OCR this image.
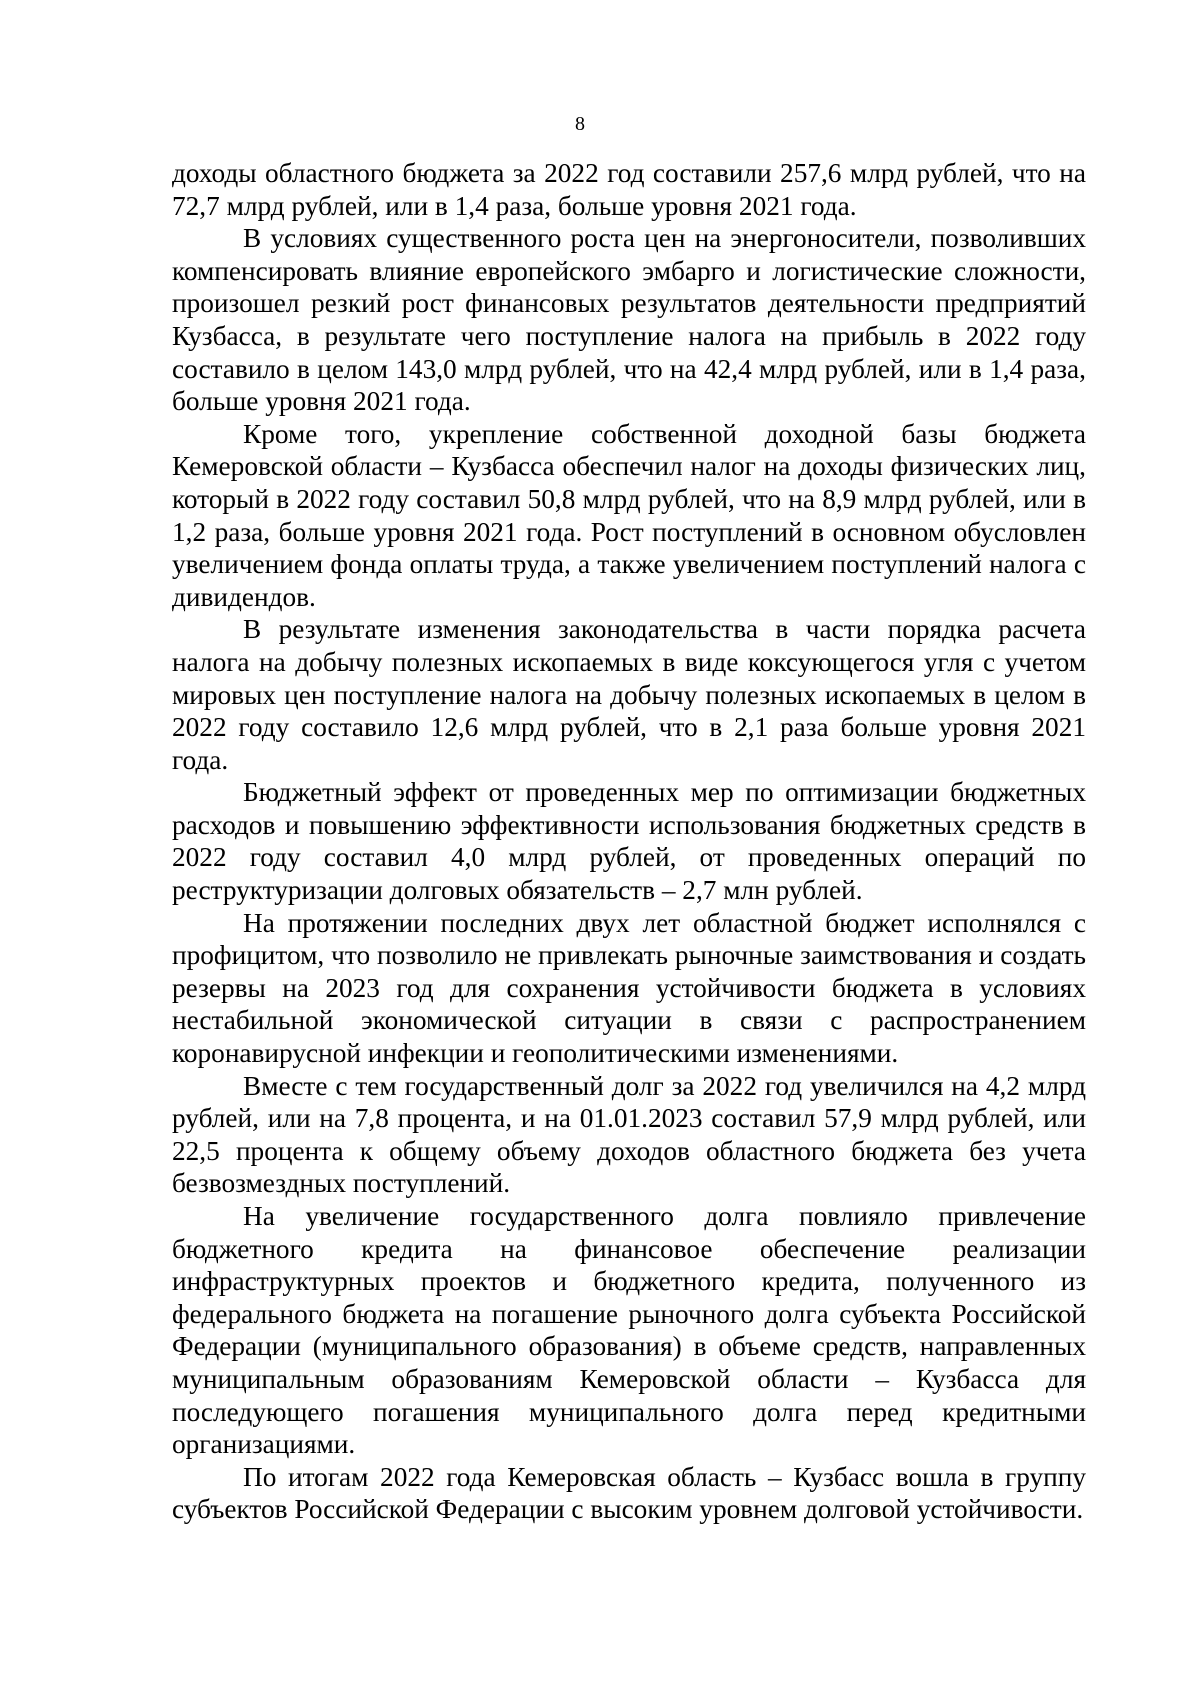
8

доходы областного бюджета за 2022 год составили 257,6 млрд рублей, что на 72,7 млрд рублей, или в 1,4 раза, больше уровня 2021 года.

В условиях существенного роста цен на энергоносители, позволивших компенсировать влияние европейского эмбарго и логистические сложности, произошел резкий рост финансовых результатов деятельности предприятий Кузбасса, в результате чего поступление налога на прибыль в 2022 году составило в целом 143,0 млрд рублей, что на 42,4 млрд рублей, или в 1,4 раза, больше уровня 2021 года.

Кроме того, укрепление собственной доходной базы бюджета Кемеровской области – Кузбасса обеспечил налог на доходы физических лиц, который в 2022 году составил 50,8 млрд рублей, что на 8,9 млрд рублей, или в 1,2 раза, больше уровня 2021 года. Рост поступлений в основном обусловлен увеличением фонда оплаты труда, а также увеличением поступлений налога с дивидендов.

В результате изменения законодательства в части порядка расчета налога на добычу полезных ископаемых в виде коксующегося угля с учетом мировых цен поступление налога на добычу полезных ископаемых в целом в 2022 году составило 12,6 млрд рублей, что в 2,1 раза больше уровня 2021 года.

Бюджетный эффект от проведенных мер по оптимизации бюджетных расходов и повышению эффективности использования бюджетных средств в 2022 году составил 4,0 млрд рублей, от проведенных операций по реструктуризации долговых обязательств – 2,7 млн рублей.

На протяжении последних двух лет областной бюджет исполнялся с профицитом, что позволило не привлекать рыночные заимствования и создать резервы на 2023 год для сохранения устойчивости бюджета в условиях нестабильной экономической ситуации в связи с распространением коронавирусной инфекции и геополитическими изменениями.

Вместе с тем государственный долг за 2022 год увеличился на 4,2 млрд рублей, или на 7,8 процента, и на 01.01.2023 составил 57,9 млрд рублей, или 22,5 процента к общему объему доходов областного бюджета без учета безвозмездных поступлений.

На увеличение государственного долга повлияло привлечение бюджетного кредита на финансовое обеспечение реализации инфраструктурных проектов и бюджетного кредита, полученного из федерального бюджета на погашение рыночного долга субъекта Российской Федерации (муниципального образования) в объеме средств, направленных муниципальным образованиям Кемеровской области – Кузбасса для последующего погашения муниципального долга перед кредитными организациями.

По итогам 2022 года Кемеровская область – Кузбасс вошла в группу субъектов Российской Федерации с высоким уровнем долговой устойчивости.
